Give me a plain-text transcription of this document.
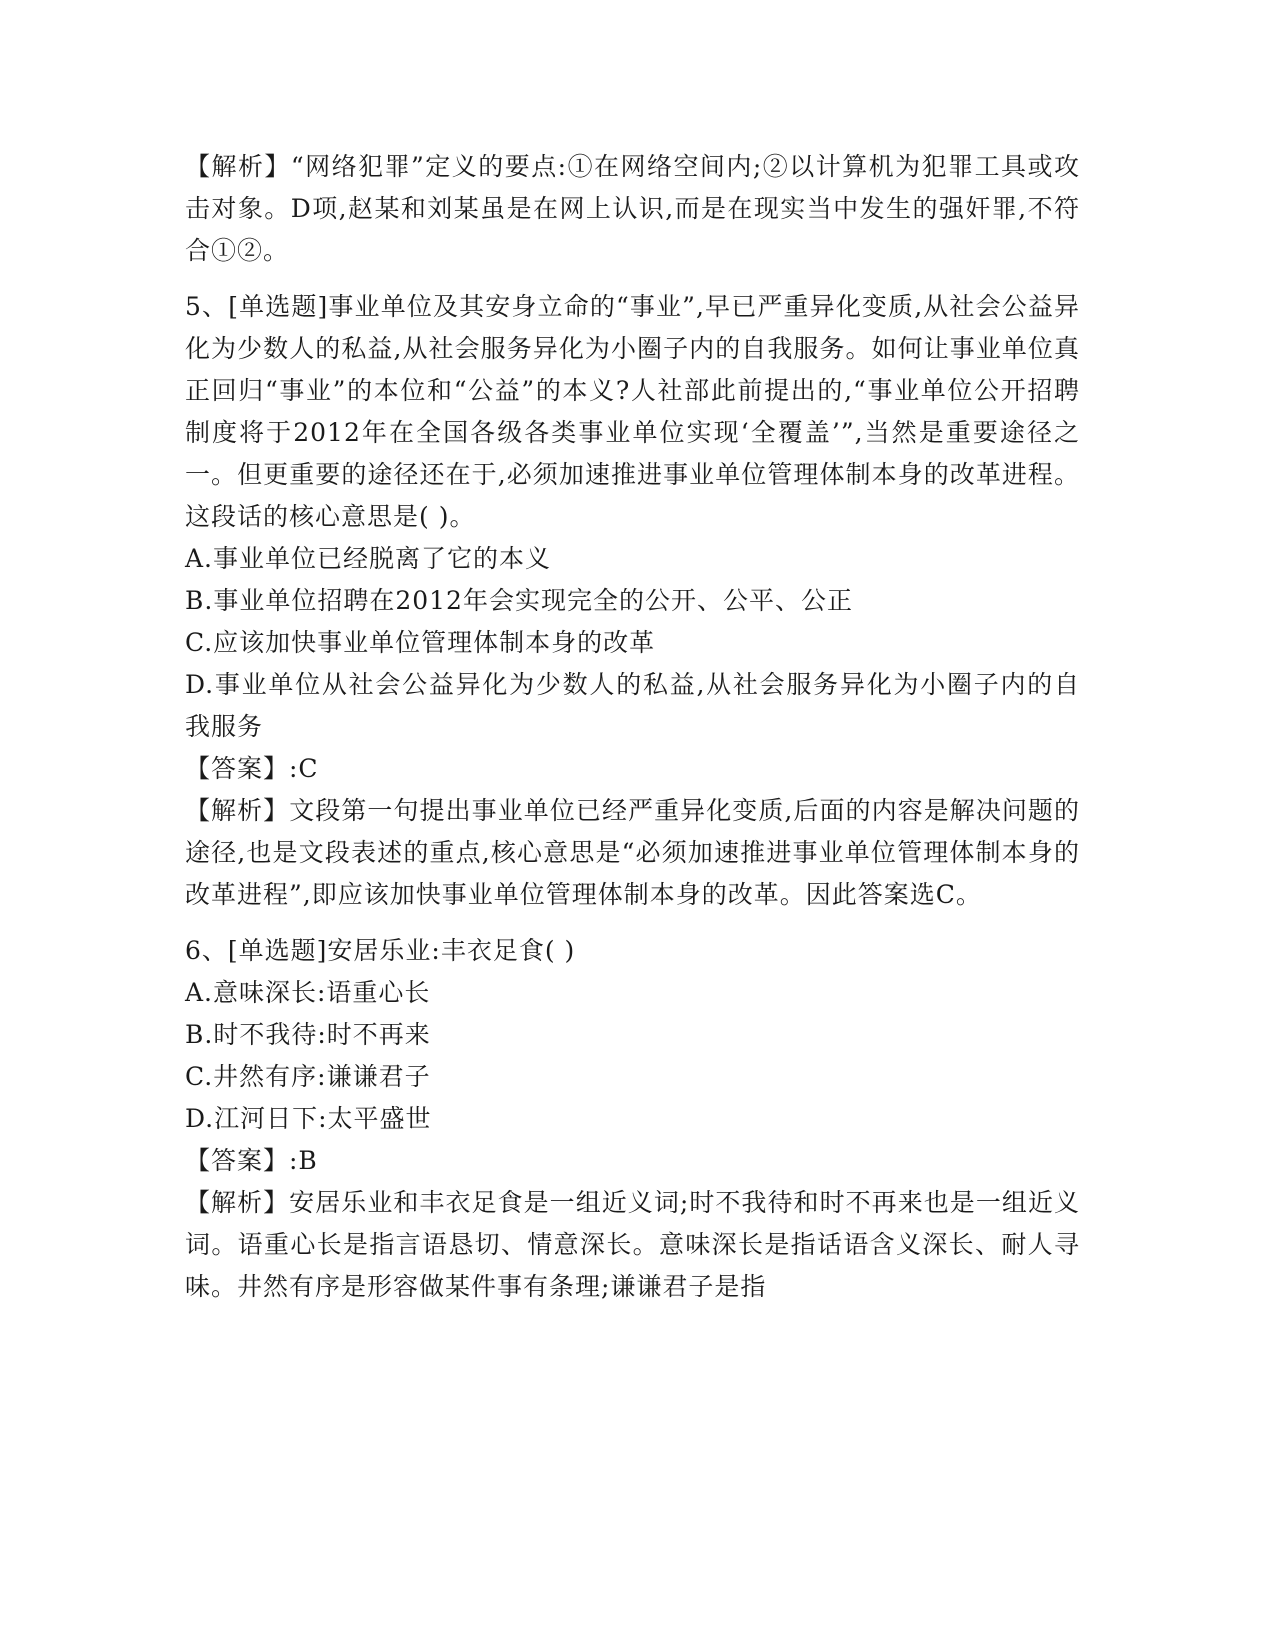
【解析】“网络犯罪”定义的要点:①在网络空间内;②以计算机为犯罪工具或攻击对象。D项,赵某和刘某虽是在网上认识,而是在现实当中发生的强奸罪,不符合①②。

5、[单选题]事业单位及其安身立命的“事业”,早已严重异化变质,从社会公益异化为少数人的私益,从社会服务异化为小圈子内的自我服务。如何让事业单位真正回归“事业”的本位和“公益”的本义?人社部此前提出的,“事业单位公开招聘制度将于2012年在全国各级各类事业单位实现‘全覆盖’”,当然是重要途径之一。但更重要的途径还在于,必须加速推进事业单位管理体制本身的改革进程。这段话的核心意思是( )。

A.事业单位已经脱离了它的本义

B.事业单位招聘在2012年会实现完全的公开、公平、公正

C.应该加快事业单位管理体制本身的改革

D.事业单位从社会公益异化为少数人的私益,从社会服务异化为小圈子内的自我服务

【答案】:C

【解析】文段第一句提出事业单位已经严重异化变质,后面的内容是解决问题的途径,也是文段表述的重点,核心意思是“必须加速推进事业单位管理体制本身的改革进程”,即应该加快事业单位管理体制本身的改革。因此答案选C。

6、[单选题]安居乐业:丰衣足食( )

A.意味深长:语重心长

B.时不我待:时不再来

C.井然有序:谦谦君子

D.江河日下:太平盛世

【答案】:B

【解析】安居乐业和丰衣足食是一组近义词;时不我待和时不再来也是一组近义词。语重心长是指言语恳切、情意深长。意味深长是指话语含义深长、耐人寻味。井然有序是形容做某件事有条理;谦谦君子是指
